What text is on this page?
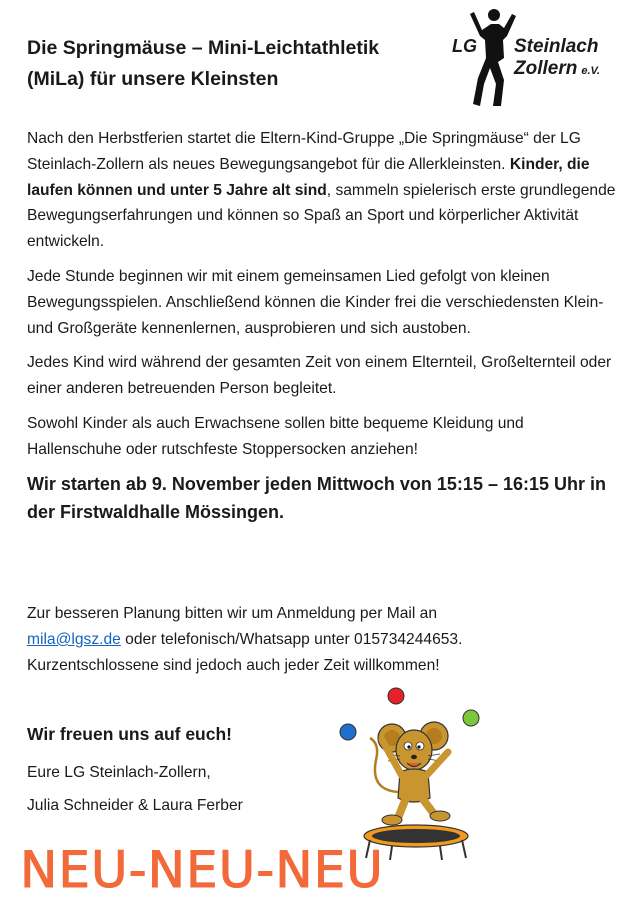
Die Springmäuse – Mini-Leichtathletik
(MiLa) für unsere Kleinsten
LG Steinlach
Zollern e.V.

Nach den Herbstferien startet die Eltern-Kind-Gruppe „Die Springmäuse“ der LG Steinlach-Zollern als neues Bewegungsangebot für die Allerkleinsten. Kinder, die laufen können und unter 5 Jahre alt sind, sammeln spielerisch erste grundlegende Bewegungserfahrungen und können so Spaß an Sport und körperlicher Aktivität entwickeln.

Jede Stunde beginnen wir mit einem gemeinsamen Lied gefolgt von kleinen Bewegungsspielen. Anschließend können die Kinder frei die verschiedensten Klein-und Großgeräte kennenlernen, ausprobieren und sich austoben.

Jedes Kind wird während der gesamten Zeit von einem Elternteil, Großelternteil oder einer anderen betreuenden Person begleitet.

Sowohl Kinder als auch Erwachsene sollen bitte bequeme Kleidung und Hallenschuhe oder rutschfeste Stoppersocken anziehen!

Wir starten ab 9. November jeden Mittwoch von 15:15 – 16:15 Uhr in der Firstwaldhalle Mössingen.

Zur besseren Planung bitten wir um Anmeldung per Mail an

mila@lgsz.de oder telefonisch/Whatsapp unter 015734244653.

Kurzentschlossene sind jedoch auch jeder Zeit willkommen!

Wir freuen uns auf euch!
Eure LG Steinlach-Zollern,
Julia Schneider & Laura Ferber
NEU-NEU-NEU
